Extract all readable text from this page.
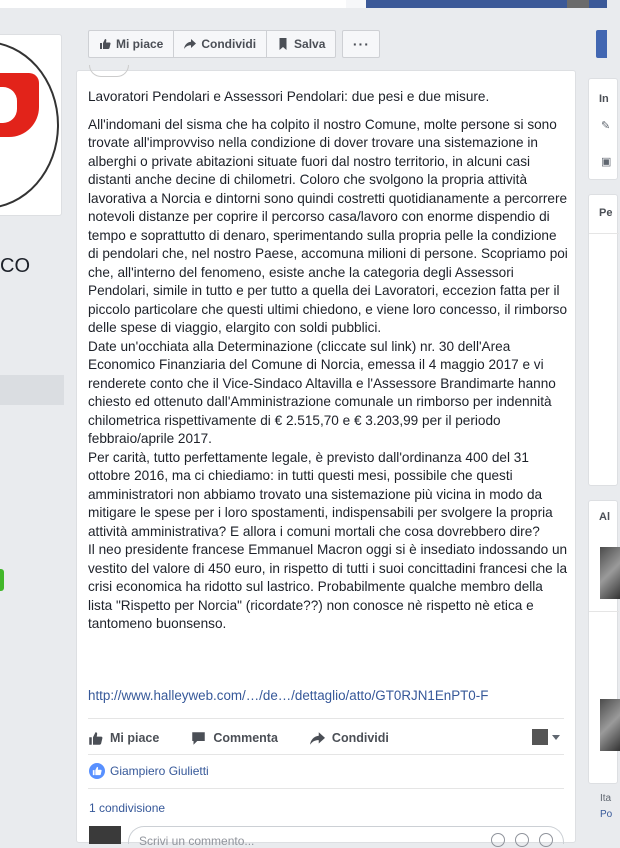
CO
Mi piace	Condividi	Salva ···

Lavoratori Pendolari e Assessori Pendolari: due pesi e due misure.

All'indomani del sisma che ha colpito il nostro Comune, molte persone si sono trovate all'improvviso nella condizione di dover trovare una sistemazione in alberghi o private abitazioni situate fuori dal nostro territorio, in alcuni casi distanti anche decine di chilometri. Coloro che svolgono la propria attività lavorativa a Norcia e dintorni sono quindi costretti quotidianamente a percorrere notevoli distanze per coprire il percorso casa/lavoro con enorme dispendio di tempo e soprattutto di denaro, sperimentando sulla propria pelle la condizione di pendolari che, nel nostro Paese, accomuna milioni di persone. Scopriamo poi che, all'interno del fenomeno, esiste anche la categoria degli Assessori Pendolari, simile in tutto e per tutto a quella dei Lavoratori, eccezion fatta per il piccolo particolare che questi ultimi chiedono, e viene loro concesso, il rimborso delle spese di viaggio, elargito con soldi pubblici.

Date un'occhiata alla Determinazione (cliccate sul link) nr. 30 dell'Area Economico Finanziaria del Comune di Norcia, emessa il 4 maggio 2017 e vi renderete conto che il Vice-Sindaco Altavilla e l'Assessore Brandimarte hanno chiesto ed ottenuto dall'Amministrazione comunale un rimborso per indennità chilometrica rispettivamente di € 2.515,70 e € 3.203,99 per il periodo febbraio/aprile 2017.

Per carità, tutto perfettamente legale, è previsto dall'ordinanza 400 del 31 ottobre 2016, ma ci chiediamo: in tutti questi mesi, possibile che questi amministratori non abbiamo trovato una sistemazione più vicina in modo da mitigare le spese per i loro spostamenti, indispensabili per svolgere la propria attività amministrativa? E allora i comuni mortali che cosa dovrebbero dire?

Il neo presidente francese Emmanuel Macron oggi si è insediato indossando un vestito del valore di 450 euro, in rispetto di tutti i suoi concittadini francesi che la crisi economica ha ridotto sul lastrico. Probabilmente qualche membro della lista "Rispetto per Norcia" (ricordate??) non conosce nè rispetto nè etica e tantomeno buonsenso.

http://www.halleyweb.com/…/de…/dettaglio/atto/GT0RJN1EnPT0-F
Mi piace	Commenta	Condividi
Giampiero Giulietti
1 condivisione
Scrivi un commento...
In
✎
▣
Pe
Al
Ita
Po
